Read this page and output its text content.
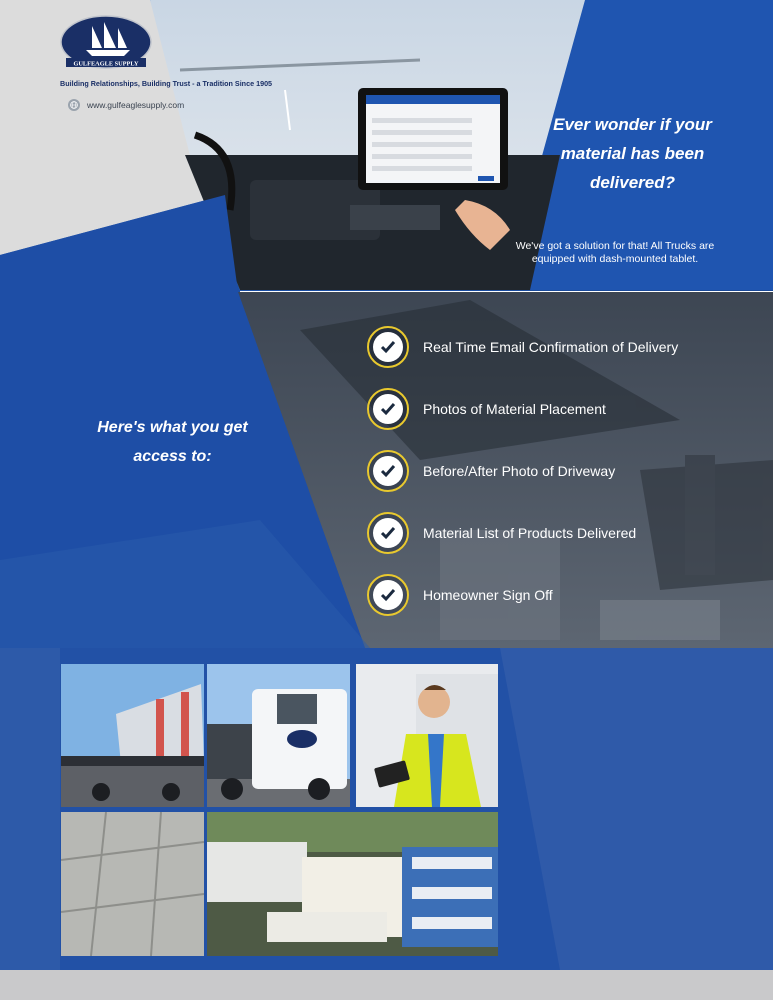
GULFEAGLE SUPPLY
Building Relationships, Building Trust - a Tradition Since 1905
www.gulfeaglesupply.com
Ever wonder if your
material has been
delivered?
We've got a solution for that! All Trucks are equipped with dash-mounted tablet.
Here's what you get
access to:
Real Time Email Confirmation of Delivery
Photos of Material Placement
Before/After Photo of Driveway
Material List of Products Delivered
Homeowner Sign Off
